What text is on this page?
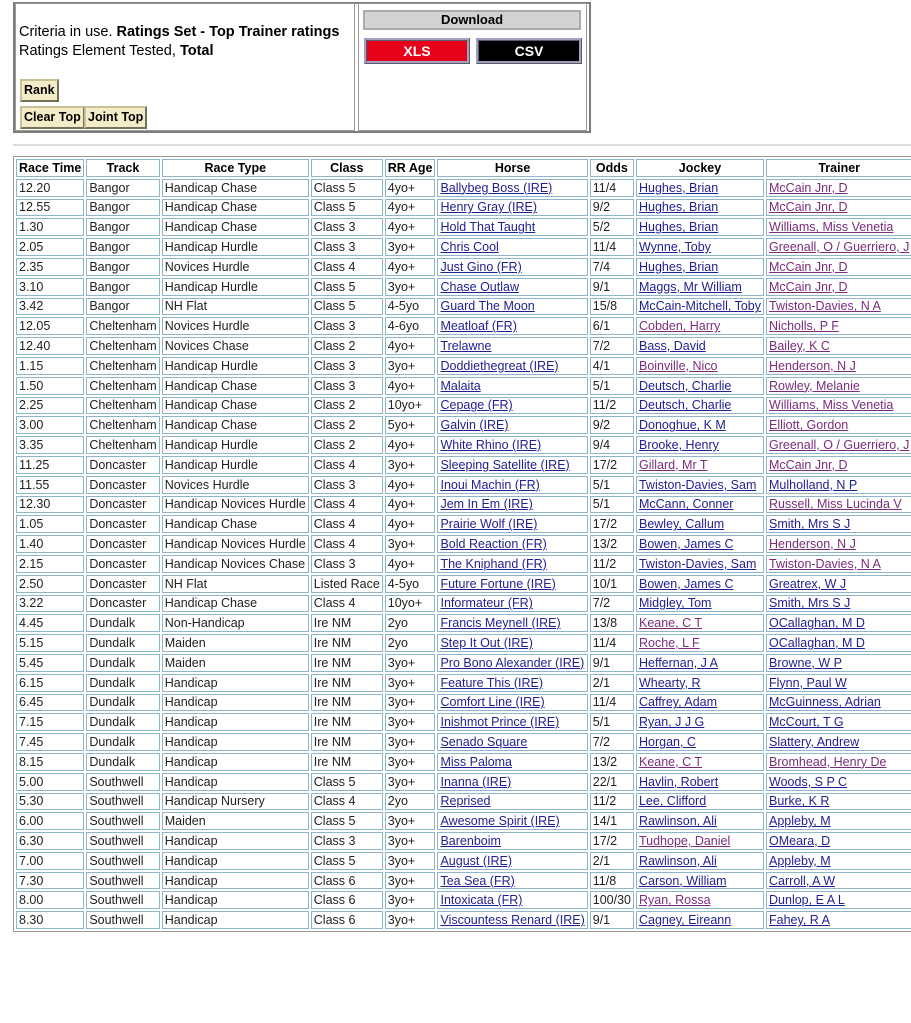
Criteria in use. Ratings Set - Top Trainer ratings
Ratings Element Tested, Total
Rank
Clear Top Joint Top
Download
XLS	CSV
Race Time	Track	Race Type	Class	RR Age	Horse	Odds	Jockey	Trainer
12.20	Bangor	Handicap Chase	Class 5	4yo+	Ballybeg Boss (IRE)	11/4	Hughes, Brian	McCain Jnr, D
12.55	Bangor	Handicap Chase	Class 5	4yo+	Henry Gray (IRE)	9/2	Hughes, Brian	McCain Jnr, D
1.30	Bangor	Handicap Chase	Class 3	4yo+	Hold That Taught	5/2	Hughes, Brian	Williams, Miss Venetia
2.05	Bangor	Handicap Hurdle	Class 3	3yo+	Chris Cool	11/4	Wynne, Toby	Greenall, O / Guerriero, J
2.35	Bangor	Novices Hurdle	Class 4	4yo+	Just Gino (FR)	7/4	Hughes, Brian	McCain Jnr, D
3.10	Bangor	Handicap Hurdle	Class 5	3yo+	Chase Outlaw	9/1	Maggs, Mr William	McCain Jnr, D
3.42	Bangor	NH Flat	Class 5	4-5yo	Guard The Moon	15/8	McCain-Mitchell, Toby	Twiston-Davies, N A
12.05	Cheltenham	Novices Hurdle	Class 3	4-6yo	Meatloaf (FR)	6/1	Cobden, Harry	Nicholls, P F
12.40	Cheltenham	Novices Chase	Class 2	4yo+	Trelawne	7/2	Bass, David	Bailey, K C
1.15	Cheltenham	Handicap Hurdle	Class 3	3yo+	Doddiethegreat (IRE)	4/1	Boinville, Nico	Henderson, N J
1.50	Cheltenham	Handicap Chase	Class 3	4yo+	Malaita	5/1	Deutsch, Charlie	Rowley, Melanie
2.25	Cheltenham	Handicap Chase	Class 2	10yo+	Cepage (FR)	11/2	Deutsch, Charlie	Williams, Miss Venetia
3.00	Cheltenham	Handicap Chase	Class 2	5yo+	Galvin (IRE)	9/2	Donoghue, K M	Elliott, Gordon
3.35	Cheltenham	Handicap Hurdle	Class 2	4yo+	White Rhino (IRE)	9/4	Brooke, Henry	Greenall, O / Guerriero, J
11.25	Doncaster	Handicap Hurdle	Class 4	3yo+	Sleeping Satellite (IRE)	17/2	Gillard, Mr T	McCain Jnr, D
11.55	Doncaster	Novices Hurdle	Class 3	4yo+	Inoui Machin (FR)	5/1	Twiston-Davies, Sam	Mulholland, N P
12.30	Doncaster	Handicap Novices Hurdle	Class 4	4yo+	Jem In Em (IRE)	5/1	McCann, Conner	Russell, Miss Lucinda V
1.05	Doncaster	Handicap Chase	Class 4	4yo+	Prairie Wolf (IRE)	17/2	Bewley, Callum	Smith, Mrs S J
1.40	Doncaster	Handicap Novices Hurdle	Class 4	3yo+	Bold Reaction (FR)	13/2	Bowen, James C	Henderson, N J
2.15	Doncaster	Handicap Novices Chase	Class 3	4yo+	The Kniphand (FR)	11/2	Twiston-Davies, Sam	Twiston-Davies, N A
2.50	Doncaster	NH Flat	Listed Race	4-5yo	Future Fortune (IRE)	10/1	Bowen, James C	Greatrex, W J
3.22	Doncaster	Handicap Chase	Class 4	10yo+	Informateur (FR)	7/2	Midgley, Tom	Smith, Mrs S J
4.45	Dundalk	Non-Handicap	Ire NM	2yo	Francis Meynell (IRE)	13/8	Keane, C T	OCallaghan, M D
5.15	Dundalk	Maiden	Ire NM	2yo	Step It Out (IRE)	11/4	Roche, L F	OCallaghan, M D
5.45	Dundalk	Maiden	Ire NM	3yo+	Pro Bono Alexander (IRE)	9/1	Heffernan, J A	Browne, W P
6.15	Dundalk	Handicap	Ire NM	3yo+	Feature This (IRE)	2/1	Whearty, R	Flynn, Paul W
6.45	Dundalk	Handicap	Ire NM	3yo+	Comfort Line (IRE)	11/4	Caffrey, Adam	McGuinness, Adrian
7.15	Dundalk	Handicap	Ire NM	3yo+	Inishmot Prince (IRE)	5/1	Ryan, J J G	McCourt, T G
7.45	Dundalk	Handicap	Ire NM	3yo+	Senado Square	7/2	Horgan, C	Slattery, Andrew
8.15	Dundalk	Handicap	Ire NM	3yo+	Miss Paloma	13/2	Keane, C T	Bromhead, Henry De
5.00	Southwell	Handicap	Class 5	3yo+	Inanna (IRE)	22/1	Havlin, Robert	Woods, S P C
5.30	Southwell	Handicap Nursery	Class 4	2yo	Reprised	11/2	Lee, Clifford	Burke, K R
6.00	Southwell	Maiden	Class 5	3yo+	Awesome Spirit (IRE)	14/1	Rawlinson, Ali	Appleby, M
6.30	Southwell	Handicap	Class 3	3yo+	Barenboim	17/2	Tudhope, Daniel	OMeara, D
7.00	Southwell	Handicap	Class 5	3yo+	August (IRE)	2/1	Rawlinson, Ali	Appleby, M
7.30	Southwell	Handicap	Class 6	3yo+	Tea Sea (FR)	11/8	Carson, William	Carroll, A W
8.00	Southwell	Handicap	Class 6	3yo+	Intoxicata (FR)	100/30	Ryan, Rossa	Dunlop, E A L
8.30	Southwell	Handicap	Class 6	3yo+	Viscountess Renard (IRE)	9/1	Cagney, Eireann	Fahey, R A
